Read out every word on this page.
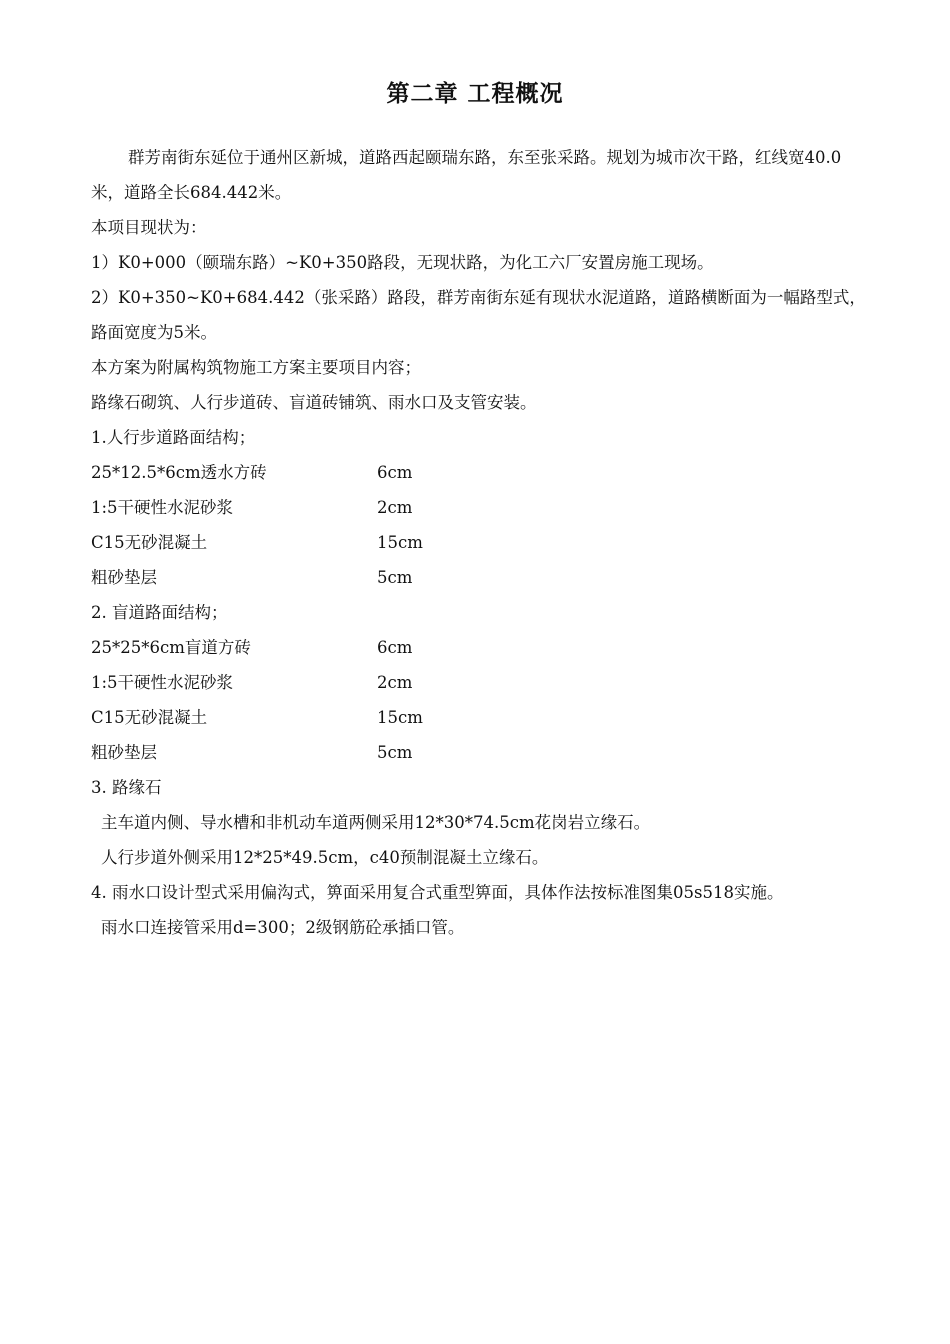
第二章 工程概况

群芳南街东延位于通州区新城，道路西起颐瑞东路，东至张采路。规划为城市次干路，红线宽40.0米，道路全长684.442米。

本项目现状为：

1）K0+000（颐瑞东路）~K0+350路段，无现状路，为化工六厂安置房施工现场。

2）K0+350~K0+684.442（张采路）路段，群芳南街东延有现状水泥道路，道路横断面为一幅路型式，路面宽度为5米。

本方案为附属构筑物施工方案主要项目内容；

路缘石砌筑、人行步道砖、盲道砖铺筑、雨水口及支管安装。

1.人行步道路面结构；

25*12.5*6cm透水方砖	6cm
1:5干硬性水泥砂浆	2cm
C15无砂混凝土	15cm
粗砂垫层	5cm

2. 盲道路面结构；

25*25*6cm盲道方砖	6cm
1:5干硬性水泥砂浆	2cm
C15无砂混凝土	15cm
粗砂垫层	5cm

3. 路缘石

主车道内侧、导水槽和非机动车道两侧采用12*30*74.5cm花岗岩立缘石。

人行步道外侧采用12*25*49.5cm，c40预制混凝土立缘石。

4. 雨水口设计型式采用偏沟式，箅面采用复合式重型箅面，具体作法按标准图集05s518实施。

雨水口连接管采用d=300；2级钢筋砼承插口管。
